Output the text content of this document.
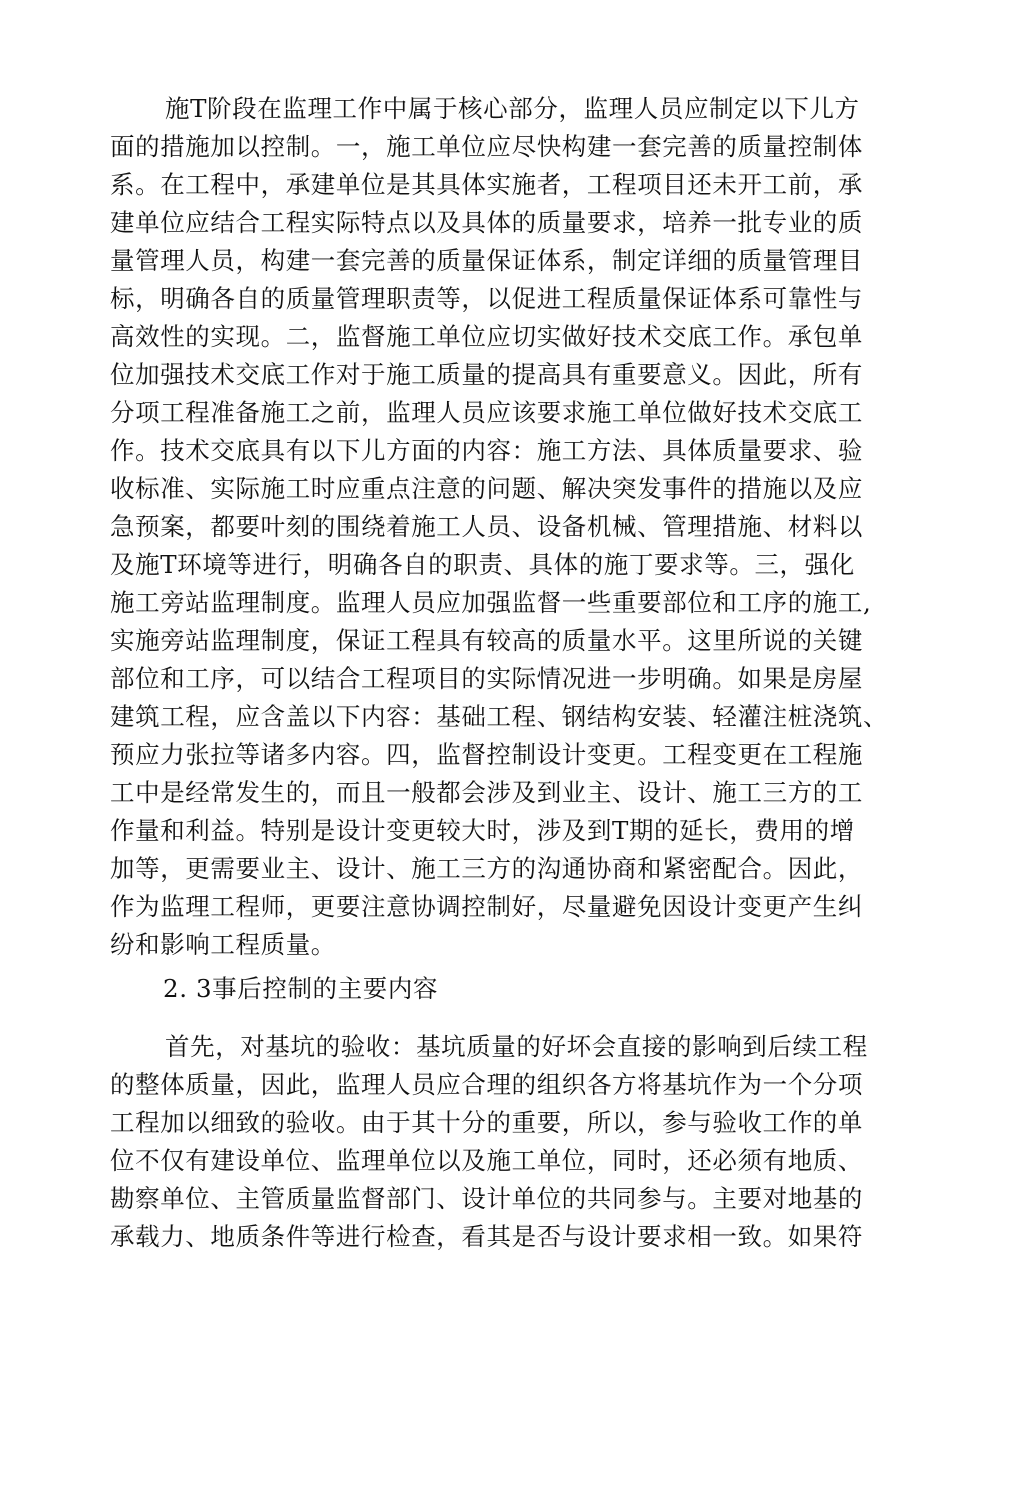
施T阶段在监理工作中属于核心部分，监理人员应制定以下儿方
面的措施加以控制。一，施工单位应尽快构建一套完善的质量控制体
系。在工程中，承建单位是其具体实施者，工程项目还未开工前，承
建单位应结合工程实际特点以及具体的质量要求，培养一批专业的质
量管理人员，构建一套完善的质量保证体系，制定详细的质量管理目
标，明确各自的质量管理职责等，以促进工程质量保证体系可靠性与
高效性的实现。二，监督施工单位应切实做好技术交底工作。承包单
位加强技术交底工作对于施工质量的提高具有重要意义。因此，所有
分项工程准备施工之前，监理人员应该要求施工单位做好技术交底工
作。技术交底具有以下儿方面的内容：施工方法、具体质量要求、验
收标准、实际施工时应重点注意的问题、解决突发事件的措施以及应
急预案，都要叶刻的围绕着施工人员、设备机械、管理措施、材料以
及施T环境等进行，明确各自的职责、具体的施丁要求等。三，强化
施工旁站监理制度。监理人员应加强监督一些重要部位和工序的施工,
实施旁站监理制度，保证工程具有较高的质量水平。这里所说的关键
部位和工序，可以结合工程项目的实际情况进一步明确。如果是房屋
建筑工程，应含盖以下内容：基础工程、钢结构安装、轻灌注桩浇筑、
预应力张拉等诸多内容。四，监督控制设计变更。工程变更在工程施
工中是经常发生的，而且一般都会涉及到业主、设计、施工三方的工
作量和利益。特别是设计变更较大时，涉及到T期的延长，费用的增
加等，更需要业主、设计、施工三方的沟通协商和紧密配合。因此，
作为监理工程师，更要注意协调控制好，尽量避免因设计变更产生纠
纷和影响工程质量。
2. 3事后控制的主要内容
首先，对基坑的验收：基坑质量的好坏会直接的影响到后续工程
的整体质量，因此，监理人员应合理的组织各方将基坑作为一个分项
工程加以细致的验收。由于其十分的重要，所以，参与验收工作的单
位不仅有建设单位、监理单位以及施工单位，同时，还必须有地质、
勘察单位、主管质量监督部门、设计单位的共同参与。主要对地基的
承载力、地质条件等进行检查，看其是否与设计要求相一致。如果符
